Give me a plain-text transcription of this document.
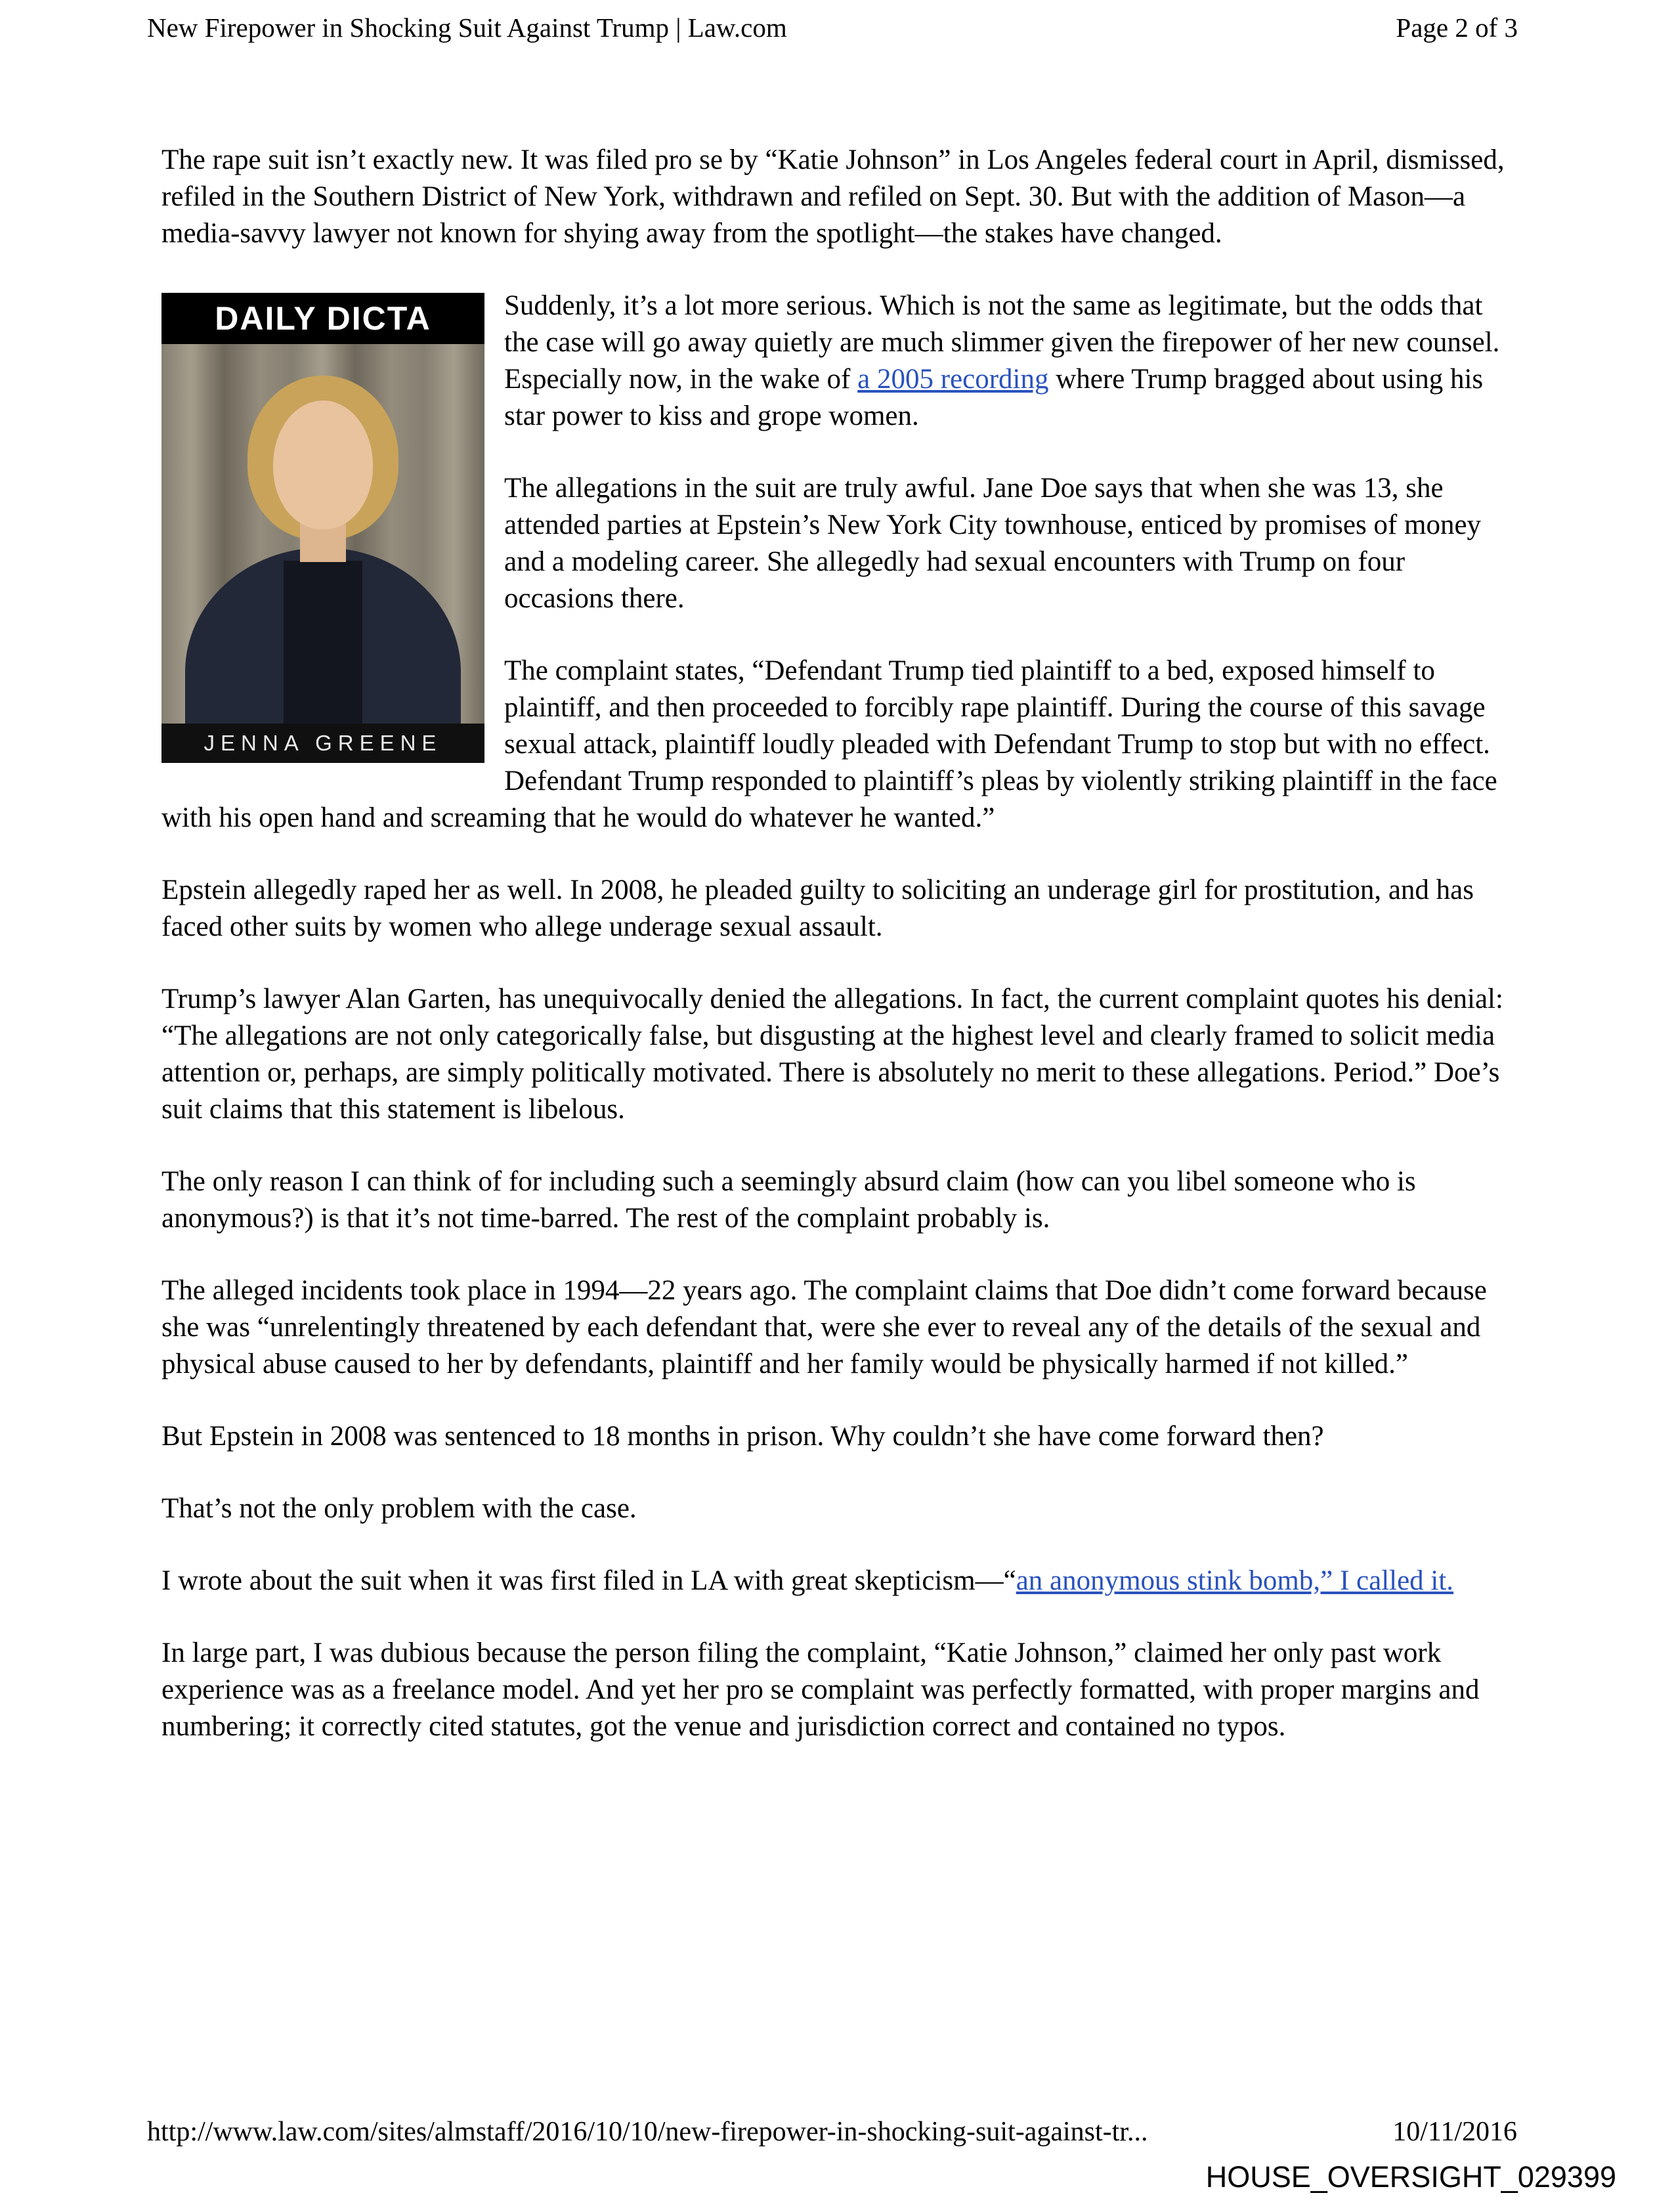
New Firepower in Shocking Suit Against Trump | Law.com	Page 2 of 3

The rape suit isn’t exactly new. It was filed pro se by “Katie Johnson” in Los Angeles federal court in April, dismissed, refiled in the Southern District of New York, withdrawn and refiled on Sept. 30. But with the addition of Mason—a media-savvy lawyer not known for shying away from the spotlight—the stakes have changed.

DAILY DICTA
JENNA GREENE

Suddenly, it’s a lot more serious. Which is not the same as legitimate, but the odds that the case will go away quietly are much slimmer given the firepower of her new counsel. Especially now, in the wake of a 2005 recording where Trump bragged about using his star power to kiss and grope women.

The allegations in the suit are truly awful. Jane Doe says that when she was 13, she attended parties at Epstein’s New York City townhouse, enticed by promises of money and a modeling career. She allegedly had sexual encounters with Trump on four occasions there.

The complaint states, “Defendant Trump tied plaintiff to a bed, exposed himself to plaintiff, and then proceeded to forcibly rape plaintiff. During the course of this savage sexual attack, plaintiff loudly pleaded with Defendant Trump to stop but with no effect. Defendant Trump responded to plaintiff’s pleas by violently striking plaintiff in the face with his open hand and screaming that he would do whatever he wanted.”

Epstein allegedly raped her as well. In 2008, he pleaded guilty to soliciting an underage girl for prostitution, and has faced other suits by women who allege underage sexual assault.

Trump’s lawyer Alan Garten, has unequivocally denied the allegations. In fact, the current complaint quotes his denial: “The allegations are not only categorically false, but disgusting at the highest level and clearly framed to solicit media attention or, perhaps, are simply politically motivated. There is absolutely no merit to these allegations. Period.” Doe’s suit claims that this statement is libelous.

The only reason I can think of for including such a seemingly absurd claim (how can you libel someone who is anonymous?) is that it’s not time-barred. The rest of the complaint probably is.

The alleged incidents took place in 1994—22 years ago. The complaint claims that Doe didn’t come forward because she was “unrelentingly threatened by each defendant that, were she ever to reveal any of the details of the sexual and physical abuse caused to her by defendants, plaintiff and her family would be physically harmed if not killed.”

But Epstein in 2008 was sentenced to 18 months in prison. Why couldn’t she have come forward then?

That’s not the only problem with the case.

I wrote about the suit when it was first filed in LA with great skepticism—“an anonymous stink bomb,” I called it.

In large part, I was dubious because the person filing the complaint, “Katie Johnson,” claimed her only past work experience was as a freelance model. And yet her pro se complaint was perfectly formatted, with proper margins and numbering; it correctly cited statutes, got the venue and jurisdiction correct and contained no typos.

http://www.law.com/sites/almstaff/2016/10/10/new-firepower-in-shocking-suit-against-tr...	10/11/2016
HOUSE_OVERSIGHT_029399
